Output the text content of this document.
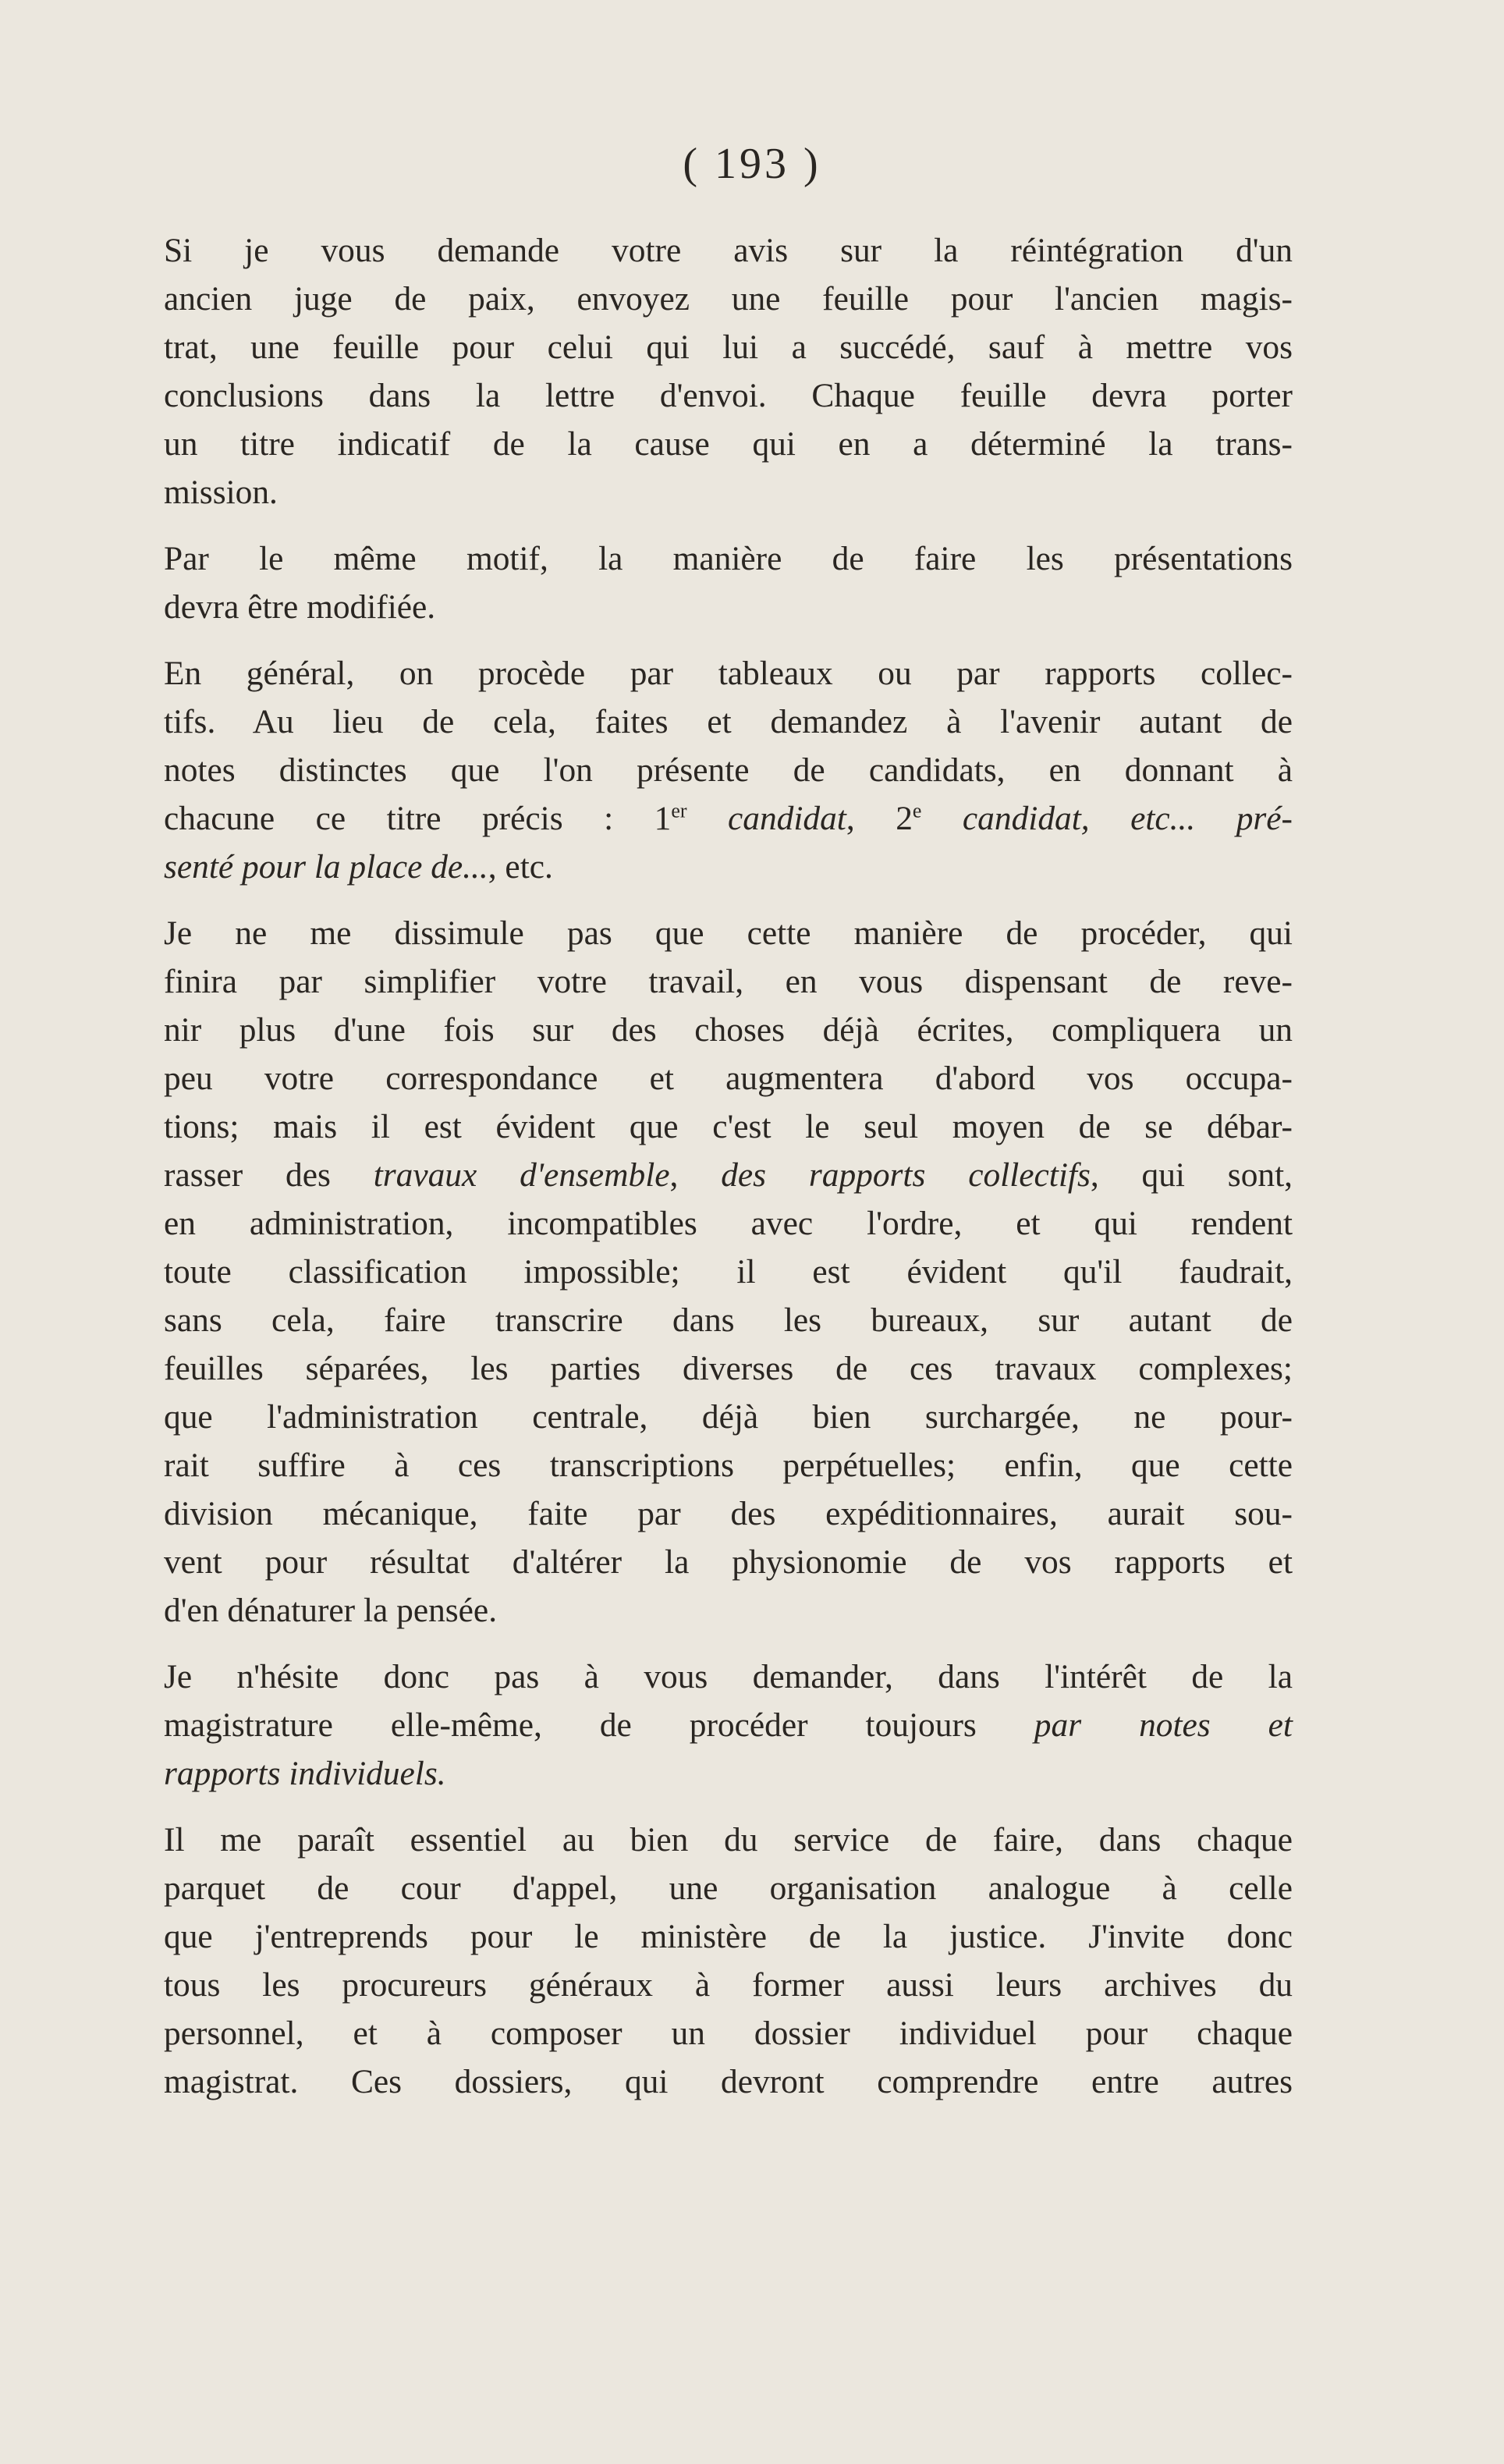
( 193 )

Si je vous demande votre avis sur la réintégration d'un
ancien juge de paix, envoyez une feuille pour l'ancien magis-
trat, une feuille pour celui qui lui a succédé, sauf à mettre vos
conclusions dans la lettre d'envoi. Chaque feuille devra porter
un titre indicatif de la cause qui en a déterminé la trans-
mission.

Par le même motif, la manière de faire les présentations
devra être modifiée.

En général, on procède par tableaux ou par rapports collec-
tifs. Au lieu de cela, faites et demandez à l'avenir autant de
notes distinctes que l'on présente de candidats, en donnant à
chacune ce titre précis : 1er candidat, 2e candidat, etc... pré-
senté pour la place de..., etc.

Je ne me dissimule pas que cette manière de procéder, qui
finira par simplifier votre travail, en vous dispensant de reve-
nir plus d'une fois sur des choses déjà écrites, compliquera un
peu votre correspondance et augmentera d'abord vos occupa-
tions; mais il est évident que c'est le seul moyen de se débar-
rasser des travaux d'ensemble, des rapports collectifs, qui sont,
en administration, incompatibles avec l'ordre, et qui rendent
toute classification impossible; il est évident qu'il faudrait,
sans cela, faire transcrire dans les bureaux, sur autant de
feuilles séparées, les parties diverses de ces travaux complexes;
que l'administration centrale, déjà bien surchargée, ne pour-
rait suffire à ces transcriptions perpétuelles; enfin, que cette
division mécanique, faite par des expéditionnaires, aurait sou-
vent pour résultat d'altérer la physionomie de vos rapports et
d'en dénaturer la pensée.

Je n'hésite donc pas à vous demander, dans l'intérêt de la
magistrature elle-même, de procéder toujours par notes et
rapports individuels.

Il me paraît essentiel au bien du service de faire, dans chaque
parquet de cour d'appel, une organisation analogue à celle
que j'entreprends pour le ministère de la justice. J'invite donc
tous les procureurs généraux à former aussi leurs archives du
personnel, et à composer un dossier individuel pour chaque
magistrat. Ces dossiers, qui devront comprendre entre autres
